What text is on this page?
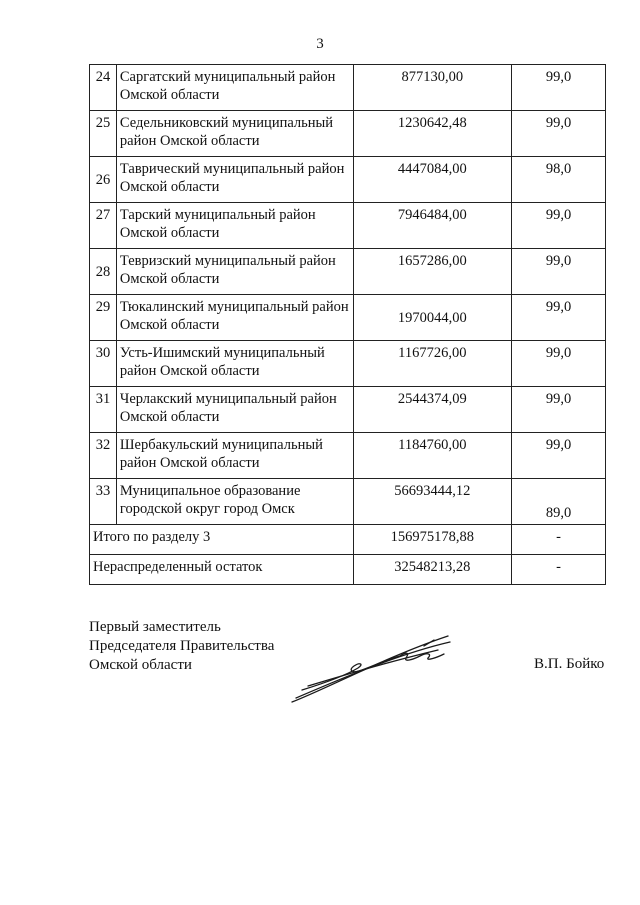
3
24	Саргатский муниципальный район Омской области	877130,00	99,0
25	Седельниковский муниципальный район Омской области	1230642,48	99,0
26	Таврический муниципальный район Омской области	4447084,00	98,0
27	Тарский муниципальный район Омской области	7946484,00	99,0
28	Тевризский муниципальный район Омской области	1657286,00	99,0
29	Тюкалинский муниципальный район Омской области	1970044,00	99,0
30	Усть-Ишимский муниципальный район Омской области	1167726,00	99,0
31	Черлакский муниципальный район Омской области	2544374,09	99,0
32	Шербакульский муниципальный район Омской области	1184760,00	99,0
33	Муниципальное образование городской округ город Омск	56693444,12	89,0
Итого по разделу 3		156975178,88	-
Нераспределенный остаток		32548213,28	-
Первый заместитель
Председателя Правительства
Омской области	В.П. Бойко
